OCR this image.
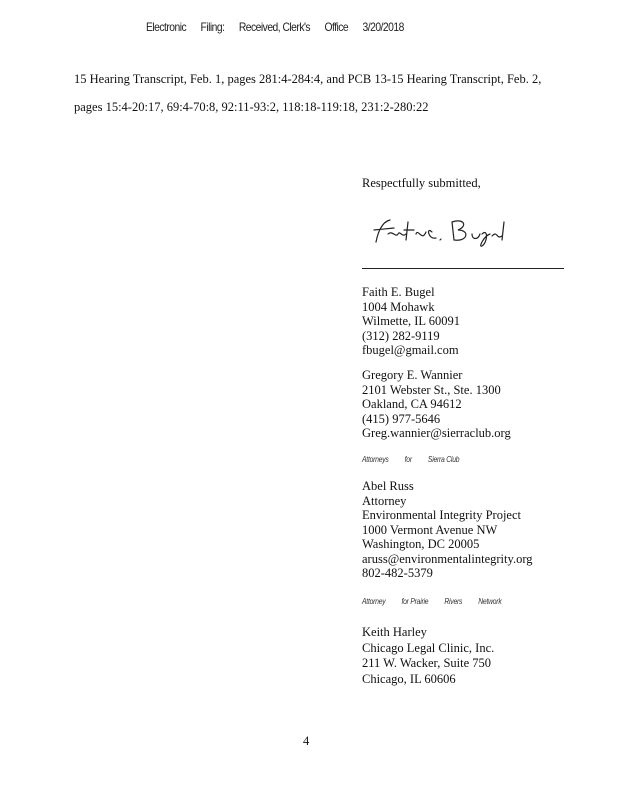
Electronic Filing: Received, Clerk's Office 3/20/2018
15 Hearing Transcript, Feb. 1, pages 281:4-284:4, and PCB 13-15 Hearing Transcript, Feb. 2,
pages 15:4-20:17, 69:4-70:8, 92:11-93:2, 118:18-119:18, 231:2-280:22
Respectfully submitted,
Faith E. Bugel
1004 Mohawk
Wilmette, IL 60091
(312) 282-9119
fbugel@gmail.com
Gregory E. Wannier
2101 Webster St., Ste. 1300
Oakland, CA 94612
(415) 977-5646
Greg.wannier@sierraclub.org
Attorneys for Sierra Club
Abel Russ
Attorney
Environmental Integrity Project
1000 Vermont Avenue NW
Washington, DC 20005
aruss@environmentalintegrity.org
802-482-5379
Attorney for Prairie Rivers Network
Keith Harley
Chicago Legal Clinic, Inc.
211 W. Wacker, Suite 750
Chicago, IL 60606
4
